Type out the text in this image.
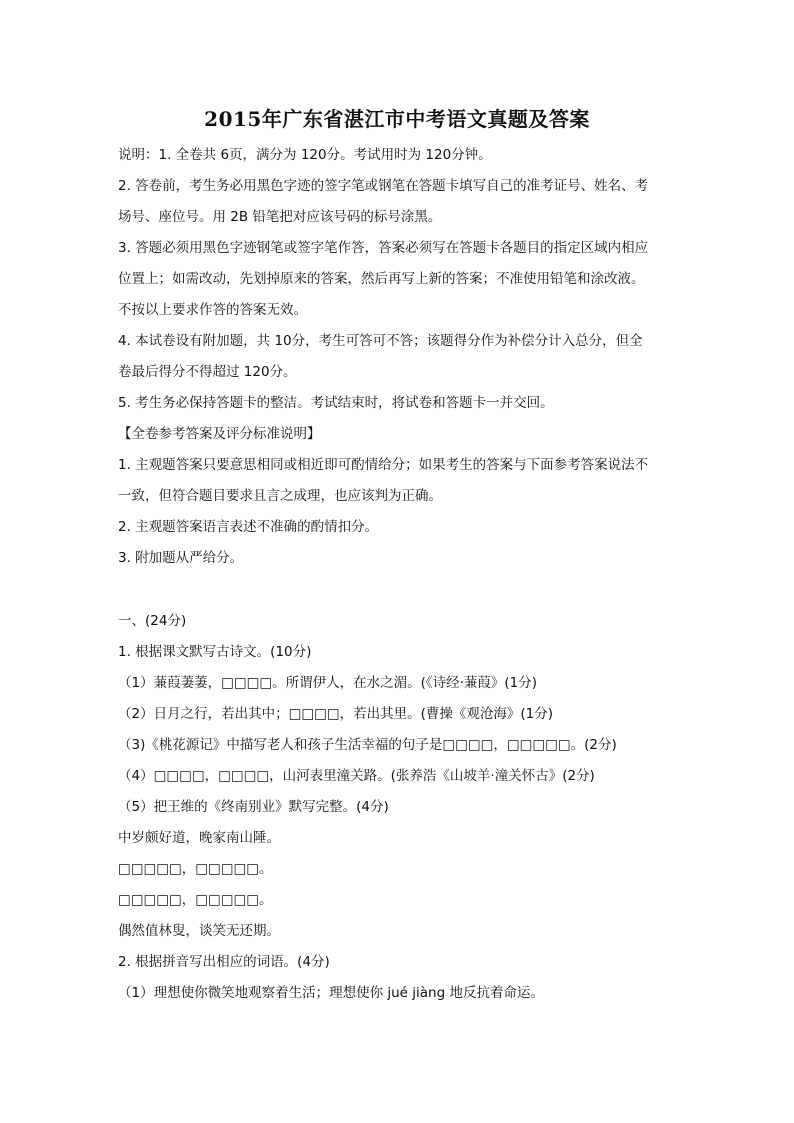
2015年广东省湛江市中考语文真题及答案
说明：1. 全卷共 6页，满分为 120分。考试用时为 120分钟。
2. 答卷前，考生务必用黑色字迹的签字笔或钢笔在答题卡填写自己的准考证号、姓名、考
场号、座位号。用 2B 铅笔把对应该号码的标号涂黑。
3. 答题必须用黑色字迹钢笔或签字笔作答，答案必须写在答题卡各题目的指定区域内相应
位置上；如需改动，先划掉原来的答案，然后再写上新的答案；不准使用铅笔和涂改液。
不按以上要求作答的答案无效。
4. 本试卷设有附加题，共 10分，考生可答可不答；该题得分作为补偿分计入总分，但全
卷最后得分不得超过 120分。
5. 考生务必保持答题卡的整洁。考试结束时，将试卷和答题卡一并交回。
【全卷参考答案及评分标准说明】
1. 主观题答案只要意思相同或相近即可酌情给分；如果考生的答案与下面参考答案说法不
一致，但符合题目要求且言之成理，也应该判为正确。
2. 主观题答案语言表述不准确的酌情扣分。
3. 附加题从严给分。
一、(24分)
1. 根据课文默写古诗文。(10分)
（1）蒹葭萋萋，□□□□。所谓伊人，在水之湄。(《诗经·蒹葭》(1分)
（2）日月之行，若出其中；□□□□，若出其里。(曹操《观沧海》(1分)
（3)《桃花源记》中描写老人和孩子生活幸福的句子是□□□□，□□□□□。(2分)
（4）□□□□，□□□□，山河表里潼关路。(张养浩《山坡羊·潼关怀古》(2分)
（5）把王维的《终南别业》默写完整。(4分)
中岁颇好道，晚家南山陲。
□□□□□，□□□□□。
□□□□□，□□□□□。
偶然值林叟，谈笑无还期。
2. 根据拼音写出相应的词语。(4分)
（1）理想使你微笑地观察着生活；理想使你 jué jiàng 地反抗着命运。
